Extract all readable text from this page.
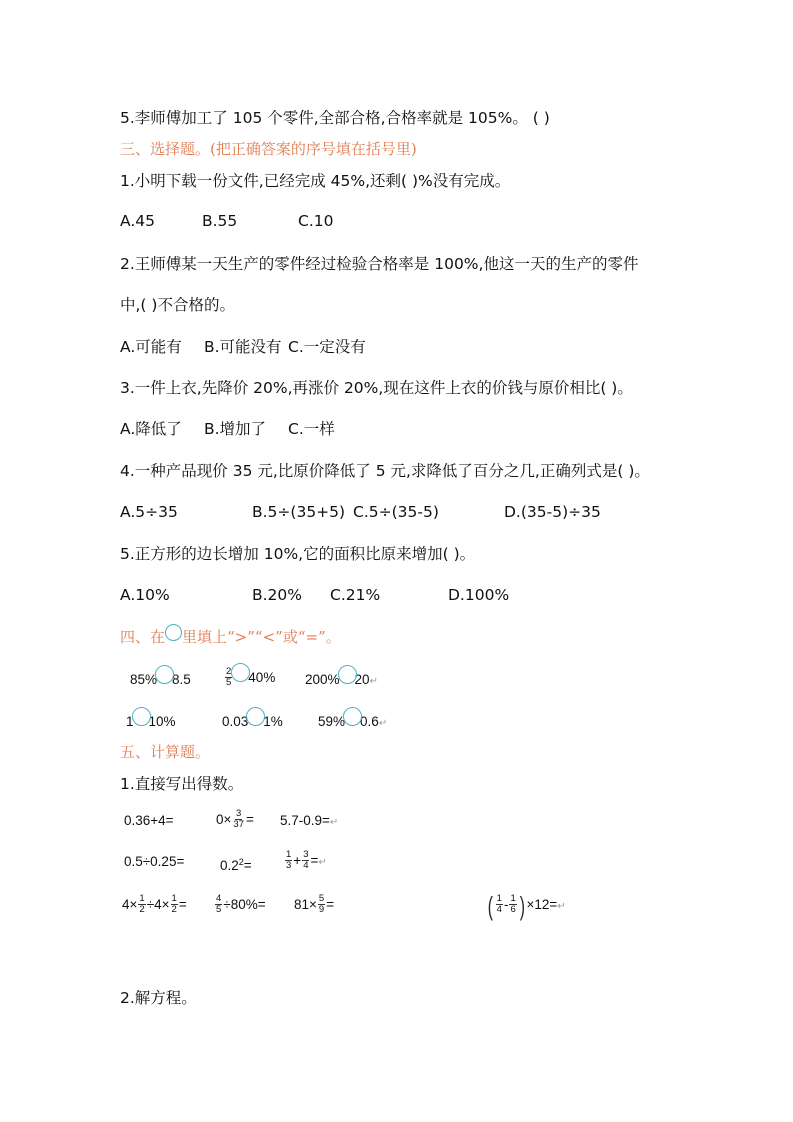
5.李师傅加工了 105 个零件,全部合格,合格率就是 105%。 ( )
三、选择题。(把正确答案的序号填在括号里)
1.小明下载一份文件,已经完成 45%,还剩( )%没有完成。
A.45	B.55	C.10
2.王师傅某一天生产的零件经过检验合格率是 100%,他这一天的生产的零件
中,( )不合格的。
A.可能有 B.可能没有 C.一定没有
3.一件上衣,先降价 20%,再涨价 20%,现在这件上衣的价钱与原价相比( )。
A.降低了 B.增加了 C.一样
4.一种产品现价 35 元,比原价降低了 5 元,求降低了百分之几,正确列式是( )。
A.5÷35	B.5÷(35+5) C.5÷(35-5)	D.(35-5)÷35
5.正方形的边长增加 10%,它的面积比原来增加( )。
A.10%	B.20% C.21%	D.100%
四、在 里填上“>”“<”或“=”。
85% 8.5	$\frac{2}{5} 40\%$ 200% 20↵
1 10%	0.03 1%	59% 0.6↵
五、计算题。
1.直接写出得数。
0.36+4=	$0\times \frac{3}{37}$ = 5.7-0.9=↵
0.5÷0.25=	$0.2^2=$	$\frac{1}{3} + \frac{3}{4}$ =↵
$4\times \frac{1}{2} \div 4\times \frac{1}{2}$ =	$\frac{4}{5} \div 80\%= 81\times \frac{5}{9}$ =	( $\frac{1}{4} - \frac{1}{6}$ ) ×12=↵
2.解方程。
